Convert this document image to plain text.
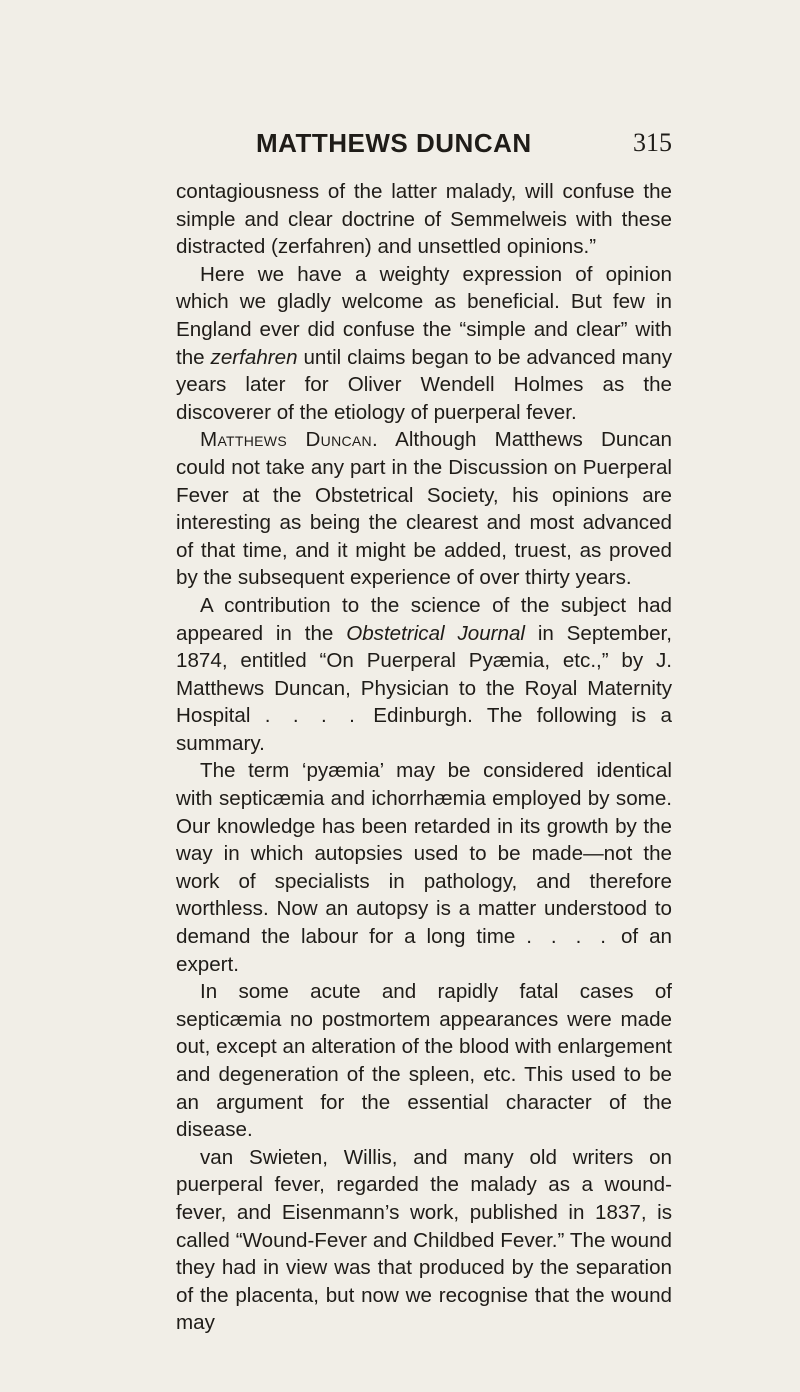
MATTHEWS DUNCAN	315

contagiousness of the latter malady, will confuse the simple and clear doctrine of Semmelweis with these distracted (zerfahren) and unsettled opinions.”

Here we have a weighty expression of opinion which we gladly welcome as beneficial. But few in England ever did confuse the “simple and clear” with the zerfahren until claims began to be advanced many years later for Oliver Wendell Holmes as the discoverer of the etiology of puerperal fever.

Matthews Duncan. Although Matthews Duncan could not take any part in the Discussion on Puerperal Fever at the Obstetrical Society, his opinions are interesting as being the clearest and most advanced of that time, and it might be added, truest, as proved by the subsequent experience of over thirty years.

A contribution to the science of the subject had appeared in the Obstetrical Journal in September, 1874, entitled “On Puerperal Pyæmia, etc.,” by J. Matthews Duncan, Physician to the Royal Maternity Hospital . . . . Edinburgh. The following is a summary.

The term ‘pyæmia’ may be considered identical with septicæmia and ichorrhæmia employed by some. Our knowledge has been retarded in its growth by the way in which autopsies used to be made—not the work of specialists in pathology, and therefore worthless. Now an autopsy is a matter understood to demand the labour for a long time . . . . of an expert.

In some acute and rapidly fatal cases of septicæmia no postmortem appearances were made out, except an alteration of the blood with enlargement and degeneration of the spleen, etc. This used to be an argument for the essential character of the disease.

van Swieten, Willis, and many old writers on puerperal fever, regarded the malady as a wound-fever, and Eisenmann’s work, published in 1837, is called “Wound-Fever and Childbed Fever.” The wound they had in view was that produced by the separation of the placenta, but now we recognise that the wound may
